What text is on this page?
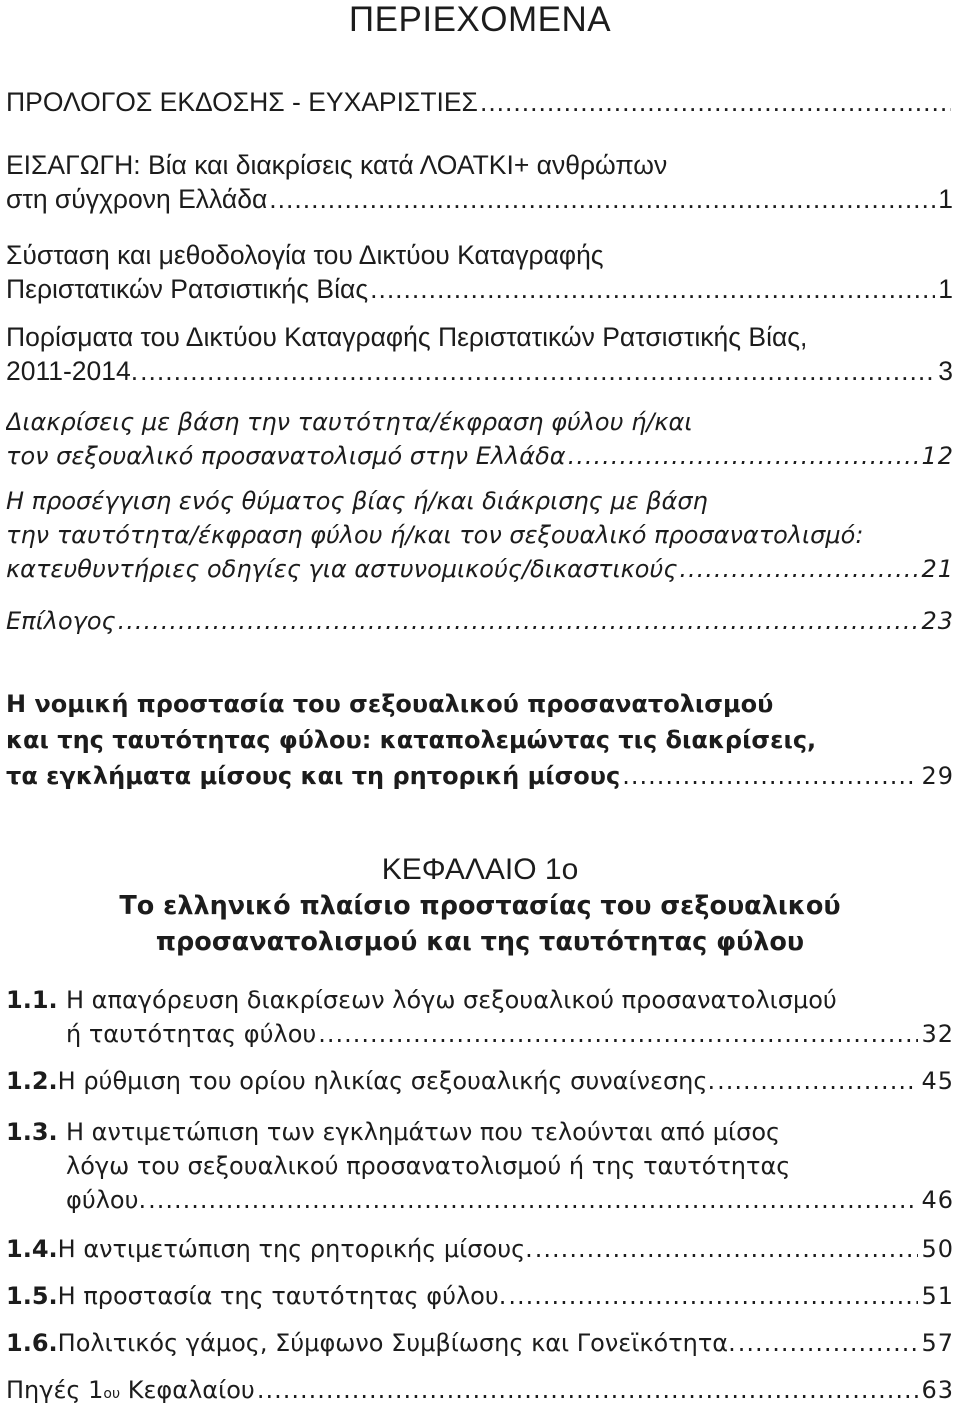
ΠΕΡΙΕΧΟΜΕΝΑ
ΠΡΟΛΟΓΟΣ ΕΚΔΟΣΗΣ - ΕΥΧΑΡΙΣΤΙΕΣ
.....
ΕΙΣΑΓΩΓΗ: Βία και διακρίσεις κατά ΛΟΑΤΚΙ+ ανθρώπων
στη σύγχρονη Ελλάδα .....	1
Σύσταση και μεθοδολογία του Δικτύου Καταγραφής
Περιστατικών Ρατσιστικής Βίας .....	1
Πορίσματα του Δικτύου Καταγραφής Περιστατικών Ρατσιστικής Βίας,
2011-2014. .....	3
Διακρίσεις με βάση την ταυτότητα/έκφραση φύλου ή/και
τον σεξουαλικό προσανατολισμό στην Ελλάδα .....	12
Η προσέγγιση ενός θύματος βίας ή/και διάκρισης με βάση
την ταυτότητα/έκφραση φύλου ή/και τον σεξουαλικό προσανατολισμό:
κατευθυντήριες οδηγίες για αστυνομικούς/δικαστικούς .....	21
Επίλογος .....	23
Η νομική προστασία του σεξουαλικού προσανατολισμού
και της ταυτότητας φύλου: καταπολεμώντας τις διακρίσεις,
τα εγκλήματα μίσους και τη ρητορική μίσους .....	29
ΚΕΦΑΛΑΙΟ 1ο
Το ελληνικό πλαίσιο προστασίας του σεξουαλικού
προσανατολισμού και της ταυτότητας φύλου
1.1. Η απαγόρευση διακρίσεων λόγω σεξουαλικού προσανατολισμού
ή ταυτότητας φύλου .....	32
1.2. Η ρύθμιση του ορίου ηλικίας σεξουαλικής συναίνεσης. .....	45
1.3. Η αντιμετώπιση των εγκλημάτων που τελούνται από μίσος
λόγω του σεξουαλικού προσανατολισμού ή της ταυτότητας
φύλου. .....	46
1.4. Η αντιμετώπιση της ρητορικής μίσους. .....	50
1.5. Η προστασία της ταυτότητας φύλου. .....	51
1.6. Πολιτικός γάμος, Σύμφωνο Συμβίωσης και Γονεϊκότητα. .....	57
Πηγές 1 ου Κεφαλαίου .....	63
